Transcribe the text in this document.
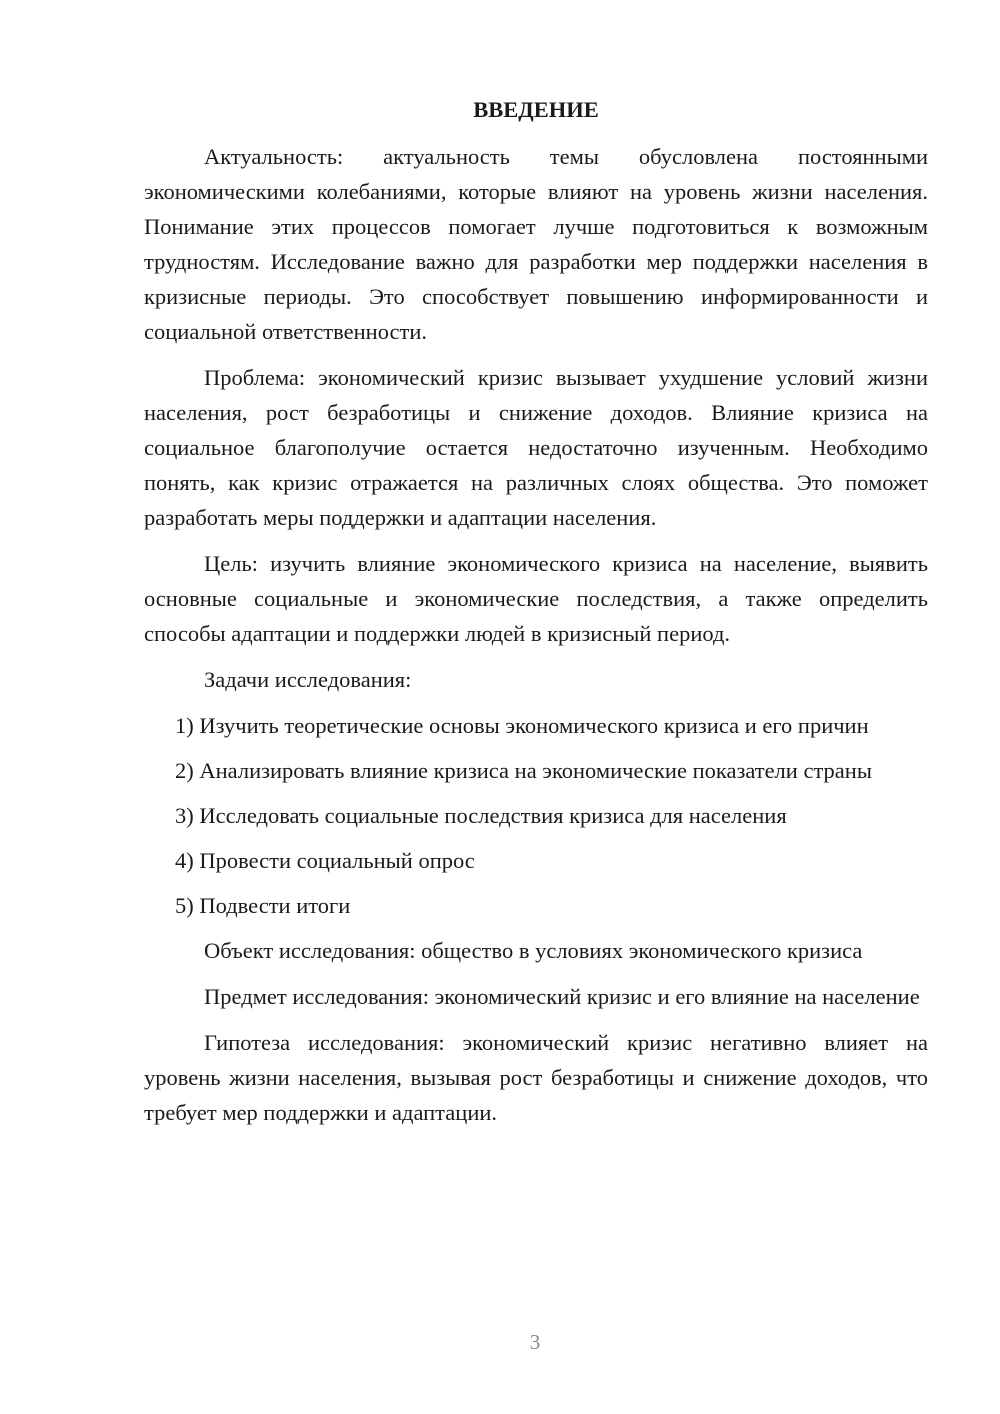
ВВЕДЕНИЕ

Актуальность: актуальность темы обусловлена постоянными экономическими колебаниями, которые влияют на уровень жизни населения. Понимание этих процессов помогает лучше подготовиться к возможным трудностям. Исследование важно для разработки мер поддержки населения в кризисные периоды. Это способствует повышению информированности и социальной ответственности.

Проблема: экономический кризис вызывает ухудшение условий жизни населения, рост безработицы и снижение доходов. Влияние кризиса на социальное благополучие остается недостаточно изученным. Необходимо понять, как кризис отражается на различных слоях общества. Это поможет разработать меры поддержки и адаптации населения.

Цель: изучить влияние экономического кризиса на население, выявить основные социальные и экономические последствия, а также определить способы адаптации и поддержки людей в кризисный период.

Задачи исследования:

1) Изучить теоретические основы экономического кризиса и его причин

2) Анализировать влияние кризиса на экономические показатели страны

3) Исследовать социальные последствия кризиса для населения

4) Провести социальный опрос

5) Подвести итоги

Объект исследования: общество в условиях экономического кризиса

Предмет исследования: экономический кризис и его влияние на население

Гипотеза исследования: экономический кризис негативно влияет на уровень жизни населения, вызывая рост безработицы и снижение доходов, что требует мер поддержки и адаптации.

3
